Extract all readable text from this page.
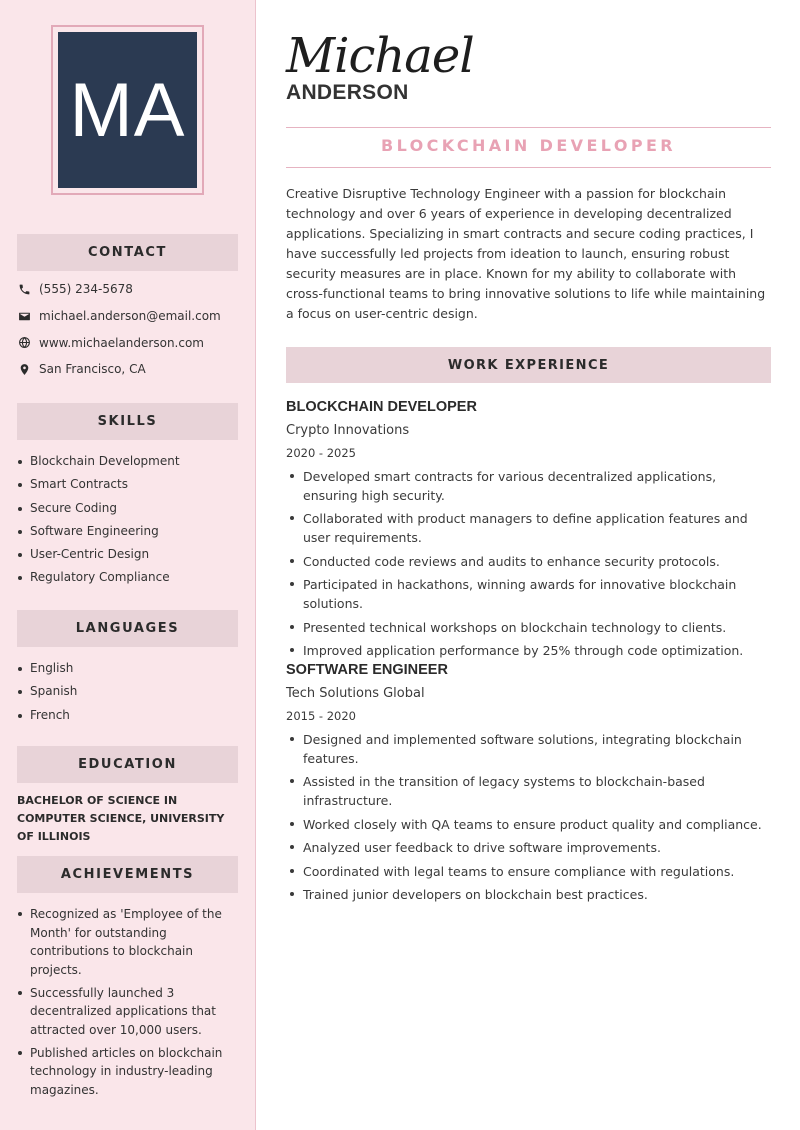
MA
CONTACT
(555) 234-5678
michael.anderson@email.com
www.michaelanderson.com
San Francisco, CA
SKILLS
Blockchain Development
Smart Contracts
Secure Coding
Software Engineering
User-Centric Design
Regulatory Compliance
LANGUAGES
English
Spanish
French
EDUCATION
BACHELOR OF SCIENCE IN COMPUTER SCIENCE, UNIVERSITY OF ILLINOIS
ACHIEVEMENTS
Recognized as 'Employee of the Month' for outstanding contributions to blockchain projects.
Successfully launched 3 decentralized applications that attracted over 10,000 users.
Published articles on blockchain technology in industry-leading magazines.
Michael
ANDERSON
BLOCKCHAIN DEVELOPER

Creative Disruptive Technology Engineer with a passion for blockchain technology and over 6 years of experience in developing decentralized applications. Specializing in smart contracts and secure coding practices, I have successfully led projects from ideation to launch, ensuring robust security measures are in place. Known for my ability to collaborate with cross-functional teams to bring innovative solutions to life while maintaining a focus on user-centric design.

WORK EXPERIENCE
BLOCKCHAIN DEVELOPER
Crypto Innovations
2020 - 2025
Developed smart contracts for various decentralized applications, ensuring high security.
Collaborated with product managers to define application features and user requirements.
Conducted code reviews and audits to enhance security protocols.
Participated in hackathons, winning awards for innovative blockchain solutions.
Presented technical workshops on blockchain technology to clients.
Improved application performance by 25% through code optimization.
SOFTWARE ENGINEER
Tech Solutions Global
2015 - 2020
Designed and implemented software solutions, integrating blockchain features.
Assisted in the transition of legacy systems to blockchain-based infrastructure.
Worked closely with QA teams to ensure product quality and compliance.
Analyzed user feedback to drive software improvements.
Coordinated with legal teams to ensure compliance with regulations.
Trained junior developers on blockchain best practices.
